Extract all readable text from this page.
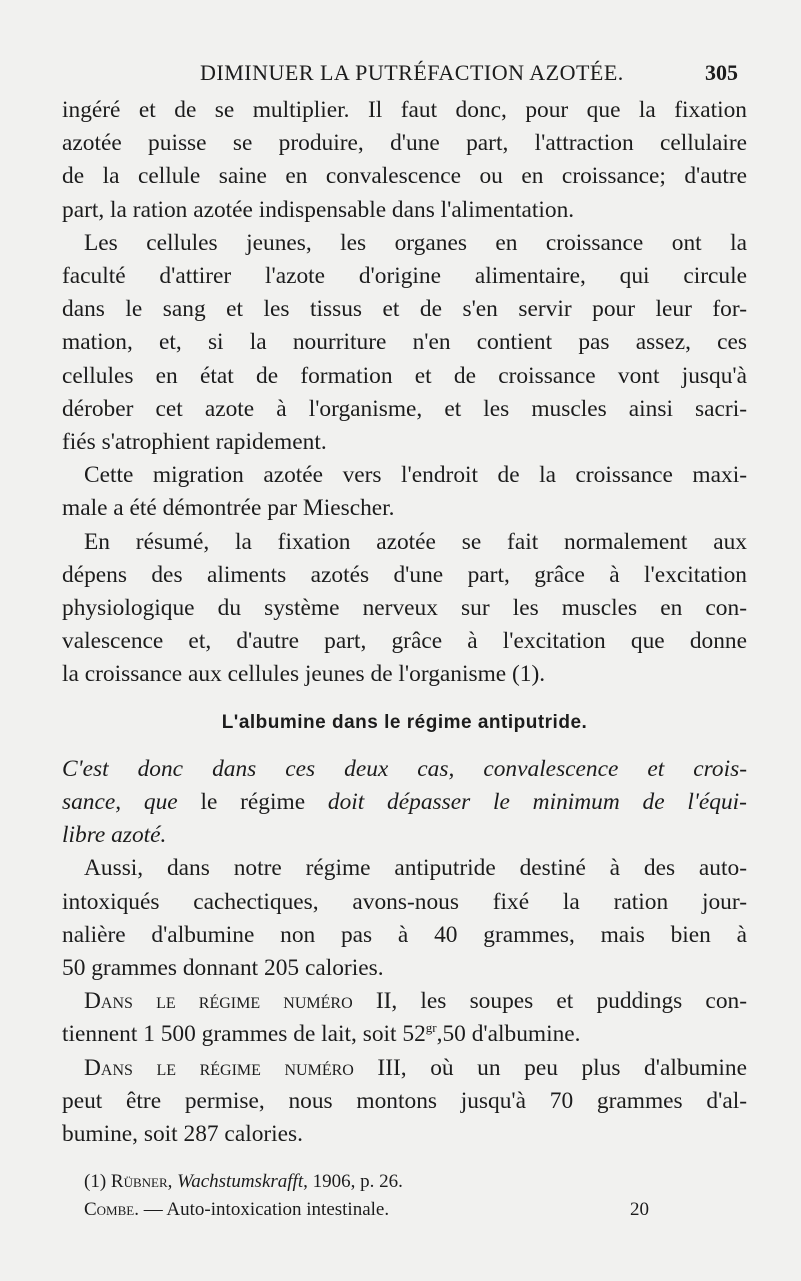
DIMINUER LA PUTRÉFACTION AZOTÉE.	305
ingéré et de se multiplier. Il faut donc, pour que la fixation
azotée puisse se produire, d'une part, l'attraction cellulaire
de la cellule saine en convalescence ou en croissance; d'autre
part, la ration azotée indispensable dans l'alimentation.
Les cellules jeunes, les organes en croissance ont la
faculté d'attirer l'azote d'origine alimentaire, qui circule
dans le sang et les tissus et de s'en servir pour leur for-
mation, et, si la nourriture n'en contient pas assez, ces
cellules en état de formation et de croissance vont jusqu'à
dérober cet azote à l'organisme, et les muscles ainsi sacri-
fiés s'atrophient rapidement.
Cette migration azotée vers l'endroit de la croissance maxi-
male a été démontrée par Miescher.
En résumé, la fixation azotée se fait normalement aux
dépens des aliments azotés d'une part, grâce à l'excitation
physiologique du système nerveux sur les muscles en con-
valescence et, d'autre part, grâce à l'excitation que donne
la croissance aux cellules jeunes de l'organisme (1).
L'albumine dans le régime antiputride.
C'est donc dans ces deux cas, convalescence et crois-
sance, que le régime doit dépasser le minimum de l'équi-
libre azoté.
Aussi, dans notre régime antiputride destiné à des auto-
intoxiqués cachectiques, avons-nous fixé la ration jour-
nalière d'albumine non pas à 40 grammes, mais bien à
50 grammes donnant 205 calories.
Dans le régime numéro II, les soupes et puddings con-
tiennent 1 500 grammes de lait, soit $52^{gr},50$ d'albumine.
Dans le régime numéro III, où un peu plus d'albumine
peut être permise, nous montons jusqu'à 70 grammes d'al-
bumine, soit 287 calories.
(1) Rübner, Wachstumskrafft, 1906, p. 26.
Combe. — Auto-intoxication intestinale.	20
